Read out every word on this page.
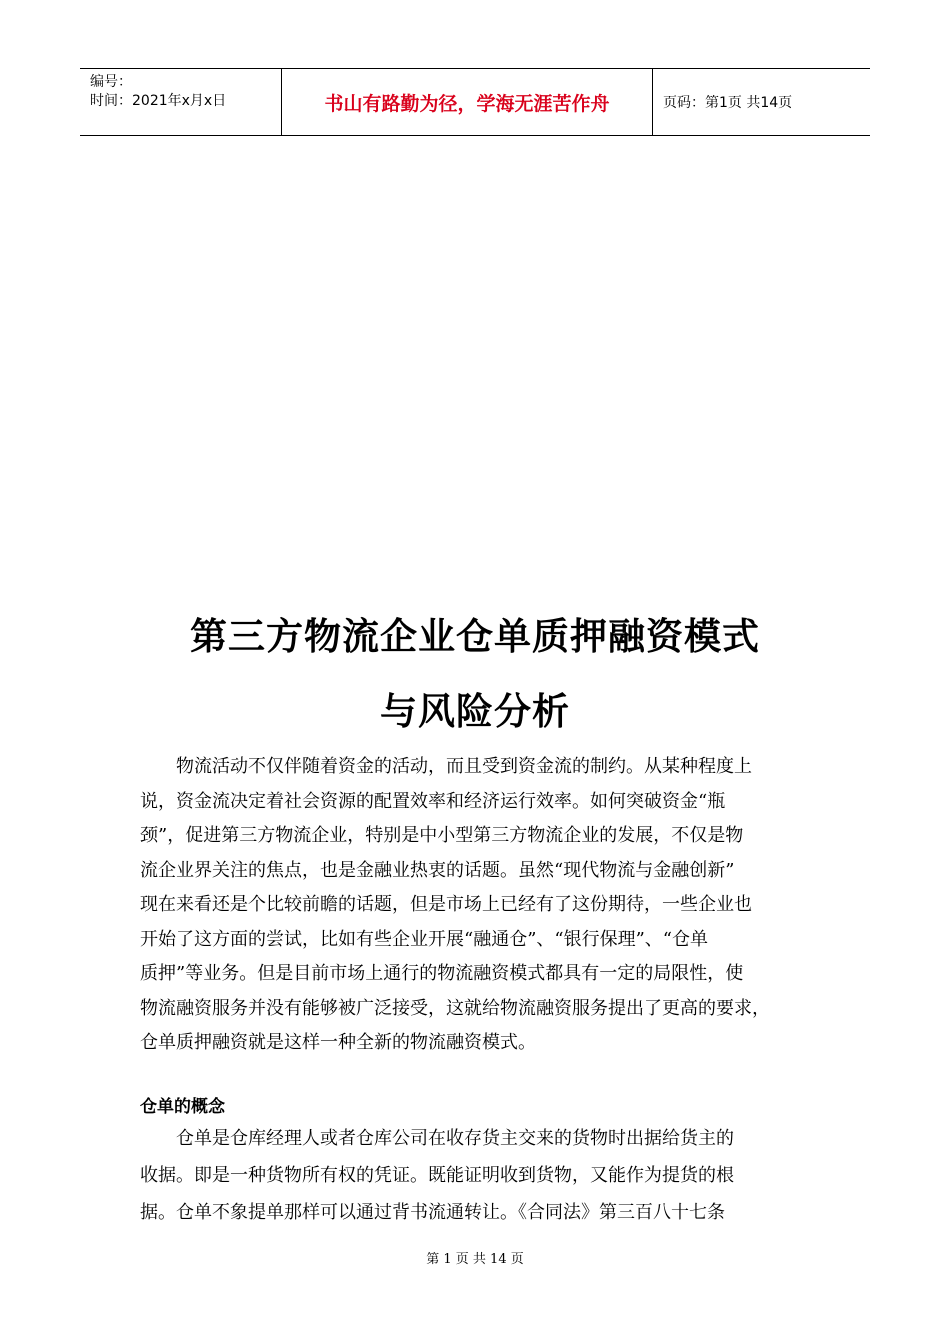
编号：
时间：2021年x月x日	书山有路勤为径，学海无涯苦作舟	页码：第1页 共14页
第三方物流企业仓单质押融资模式
与风险分析
　　物流活动不仅伴随着资金的活动，而且受到资金流的制约。从某种程度上
说，资金流决定着社会资源的配置效率和经济运行效率。如何突破资金“瓶
颈”，促进第三方物流企业，特别是中小型第三方物流企业的发展，不仅是物
流企业界关注的焦点，也是金融业热衷的话题。虽然“现代物流与金融创新”
现在来看还是个比较前瞻的话题，但是市场上已经有了这份期待，一些企业也
开始了这方面的尝试，比如有些企业开展“融通仓”、“银行保理”、“仓单
质押”等业务。但是目前市场上通行的物流融资模式都具有一定的局限性，使
物流融资服务并没有能够被广泛接受，这就给物流融资服务提出了更高的要求，
仓单质押融资就是这样一种全新的物流融资模式。
仓单的概念
　　仓单是仓库经理人或者仓库公司在收存货主交来的货物时出据给货主的
收据。即是一种货物所有权的凭证。既能证明收到货物，又能作为提货的根
据。仓单不象提单那样可以通过背书流通转让。《合同法》第三百八十七条
第 1 页 共 14 页
